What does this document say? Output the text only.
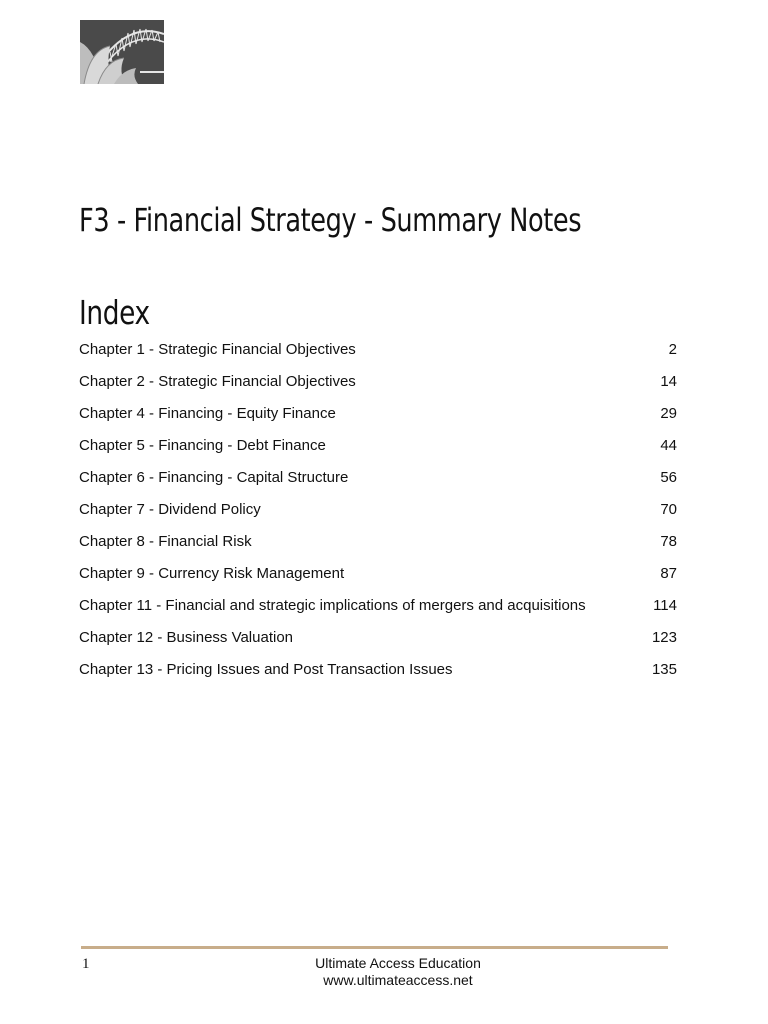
F3 - Financial Strategy - Summary Notes
Index
Chapter 1 - Strategic Financial Objectives	2
Chapter 2 - Strategic Financial Objectives	14
Chapter 4 - Financing - Equity Finance	29
Chapter 5 - Financing - Debt Finance	44
Chapter 6 - Financing - Capital Structure	56
Chapter 7 - Dividend Policy	70
Chapter 8 - Financial Risk	78
Chapter 9 - Currency Risk Management	87
Chapter 11 - Financial and strategic implications of mergers and acquisitions	114
Chapter 12 - Business Valuation	123
Chapter 13 - Pricing Issues and Post Transaction Issues	135
1	Ultimate Access Education
www.ultimateaccess.net
